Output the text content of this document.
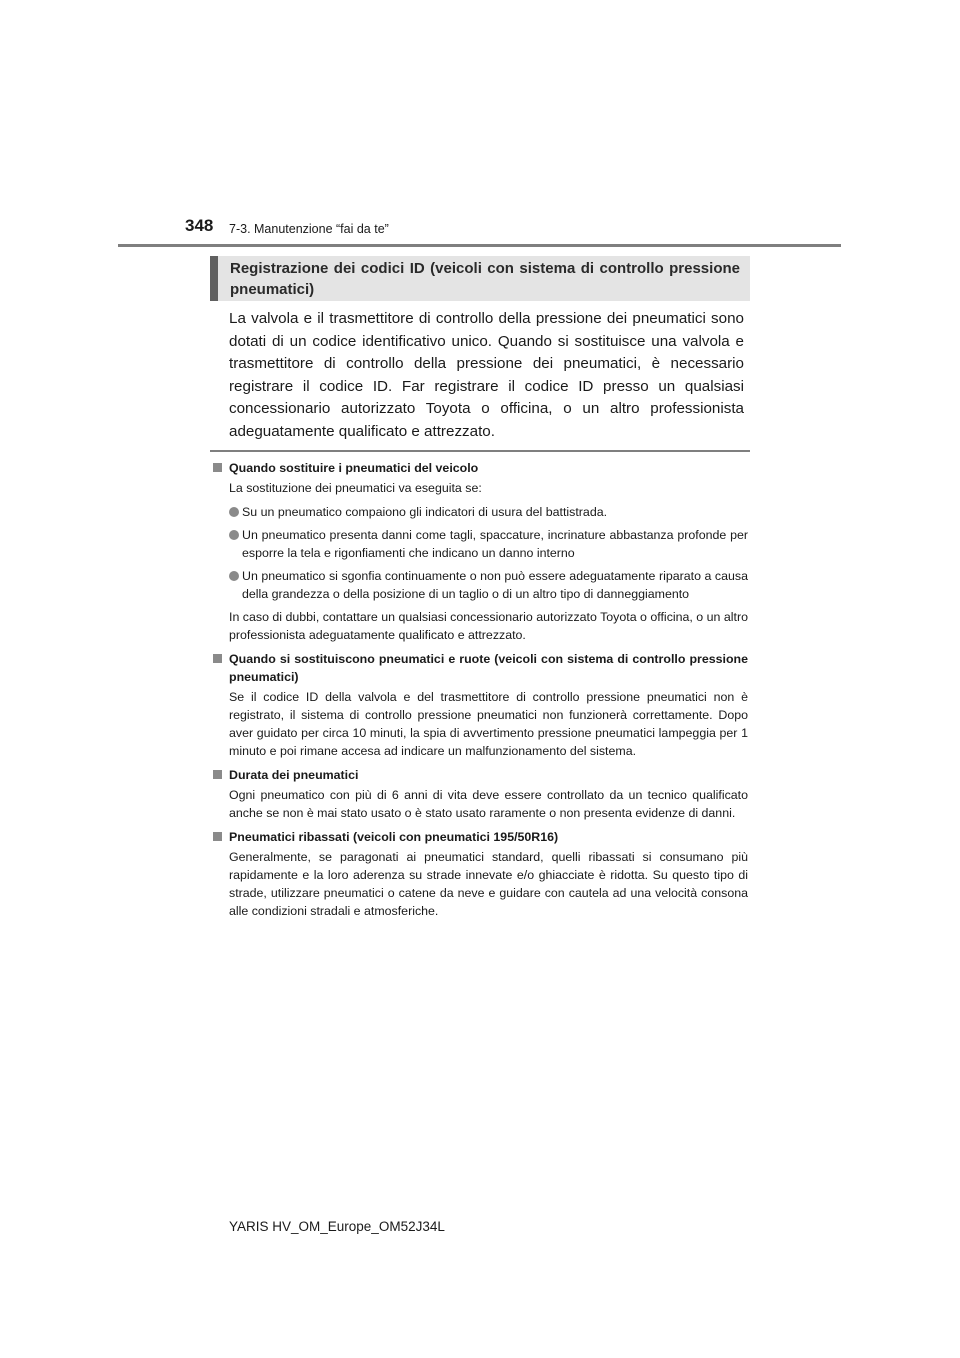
348 7-3. Manutenzione “fai da te”
Registrazione dei codici ID (veicoli con sistema di controllo pressione pneumatici)

La valvola e il trasmettitore di controllo della pressione dei pneumatici sono dotati di un codice identificativo unico. Quando si sostituisce una valvola e trasmettitore di controllo della pressione dei pneumatici, è necessario registrare il codice ID. Far registrare il codice ID presso un qualsiasi concessionario autorizzato Toyota o officina, o un altro professionista adeguatamente qualificato e attrezzato.

Quando sostituire i pneumatici del veicolo

La sostituzione dei pneumatici va eseguita se:

Su un pneumatico compaiono gli indicatori di usura del battistrada.
Un pneumatico presenta danni come tagli, spaccature, incrinature abbastanza profonde per esporre la tela e rigonfiamenti che indicano un danno interno
Un pneumatico si sgonfia continuamente o non può essere adeguatamente riparato a causa della grandezza o della posizione di un taglio o di un altro tipo di danneggiamento

In caso di dubbi, contattare un qualsiasi concessionario autorizzato Toyota o officina, o un altro professionista adeguatamente qualificato e attrezzato.

Quando si sostituiscono pneumatici e ruote (veicoli con sistema di controllo pressione pneumatici)

Se il codice ID della valvola e del trasmettitore di controllo pressione pneumatici non è registrato, il sistema di controllo pressione pneumatici non funzionerà correttamente. Dopo aver guidato per circa 10 minuti, la spia di avvertimento pressione pneumatici lampeggia per 1 minuto e poi rimane accesa ad indicare un malfunzionamento del sistema.

Durata dei pneumatici

Ogni pneumatico con più di 6 anni di vita deve essere controllato da un tecnico qualificato anche se non è mai stato usato o è stato usato raramente o non presenta evidenze di danni.

Pneumatici ribassati (veicoli con pneumatici 195/50R16)

Generalmente, se paragonati ai pneumatici standard, quelli ribassati si consumano più rapidamente e la loro aderenza su strade innevate e/o ghiacciate è ridotta. Su questo tipo di strade, utilizzare pneumatici o catene da neve e guidare con cautela ad una velocità consona alle condizioni stradali e atmosferiche.

YARIS HV_OM_Europe_OM52J34L
